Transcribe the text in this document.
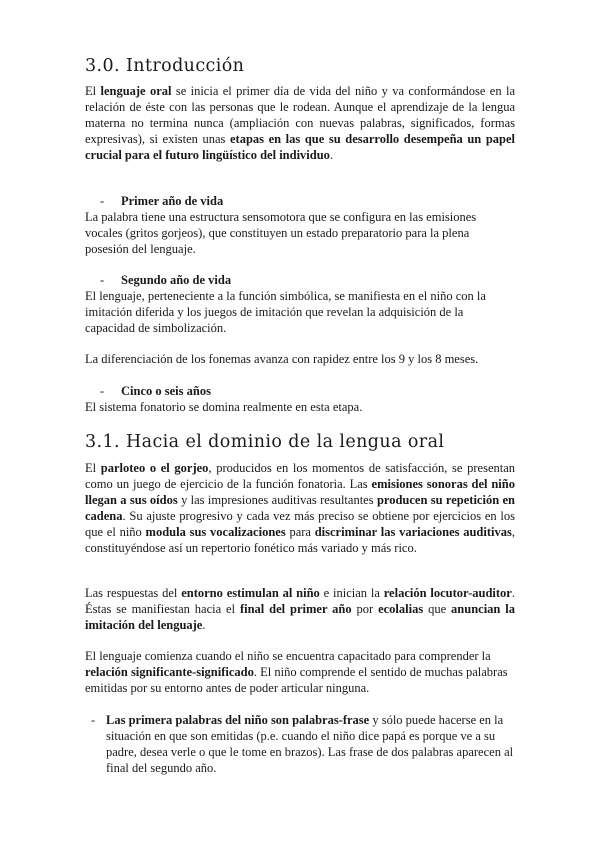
3.0. Introducción

El lenguaje oral se inicia el primer día de vida del niño y va conformándose en la relación de éste con las personas que le rodean. Aunque el aprendizaje de la lengua materna no termina nunca (ampliación con nuevas palabras, significados, formas expresivas), si existen unas etapas en las que su desarrollo desempeña un papel crucial para el futuro lingüístico del individuo.

- Primer año de vida

La palabra tiene una estructura sensomotora que se configura en las emisiones vocales (gritos gorjeos), que constituyen un estado preparatorio para la plena posesión del lenguaje.

- Segundo año de vida

El lenguaje, perteneciente a la función simbólica, se manifiesta en el niño con la imitación diferida y los juegos de imitación que revelan la adquisición de la capacidad de simbolización.

La diferenciación de los fonemas avanza con rapidez entre los 9 y los 8 meses.

- Cinco o seis años

El sistema fonatorio se domina realmente en esta etapa.

3.1. Hacia el dominio de la lengua oral

El parloteo o el gorjeo, producidos en los momentos de satisfacción, se presentan como un juego de ejercicio de la función fonatoria. Las emisiones sonoras del niño llegan a sus oídos y las impresiones auditivas resultantes producen su repetición en cadena. Su ajuste progresivo y cada vez más preciso se obtiene por ejercicios en los que el niño modula sus vocalizaciones para discriminar las variaciones auditivas, constituyéndose así un repertorio fonético más variado y más rico.

Las respuestas del entorno estimulan al niño e inician la relación locutor-auditor. Éstas se manifiestan hacia el final del primer año por ecolalias que anuncian la imitación del lenguaje.

El lenguaje comienza cuando el niño se encuentra capacitado para comprender la relación significante-significado. El niño comprende el sentido de muchas palabras emitidas por su entorno antes de poder articular ninguna.

- Las primera palabras del niño son palabras-frase y sólo puede hacerse en la situación en que son emitidas (p.e. cuando el niño dice papá es porque ve a su padre, desea verle o que le tome en brazos). Las frase de dos palabras aparecen al final del segundo año.
